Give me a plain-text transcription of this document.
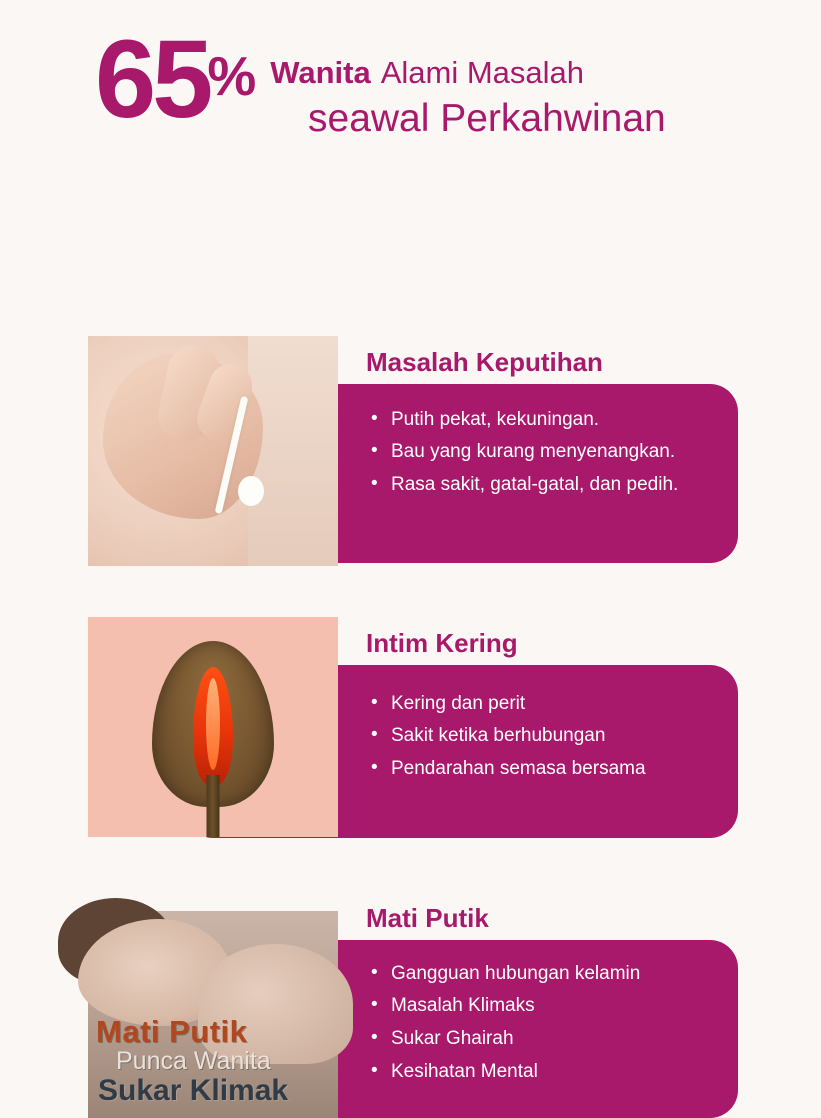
65
% Wanita Alami Masalah
seawal Perkahwinan
Masalah Keputihan
• Putih pekat, kekuningan.
• Bau yang kurang menyenangkan.
• Rasa sakit, gatal-gatal, dan pedih.
Intim Kering
• Kering dan perit
• Sakit ketika berhubungan
• Pendarahan semasa bersama
Mati Putik
• Gangguan hubungan kelamin
• Masalah Klimaks
• Sukar Ghairah
• Kesihatan Mental
Mati Putik
Punca Wanita
Sukar Klimak
